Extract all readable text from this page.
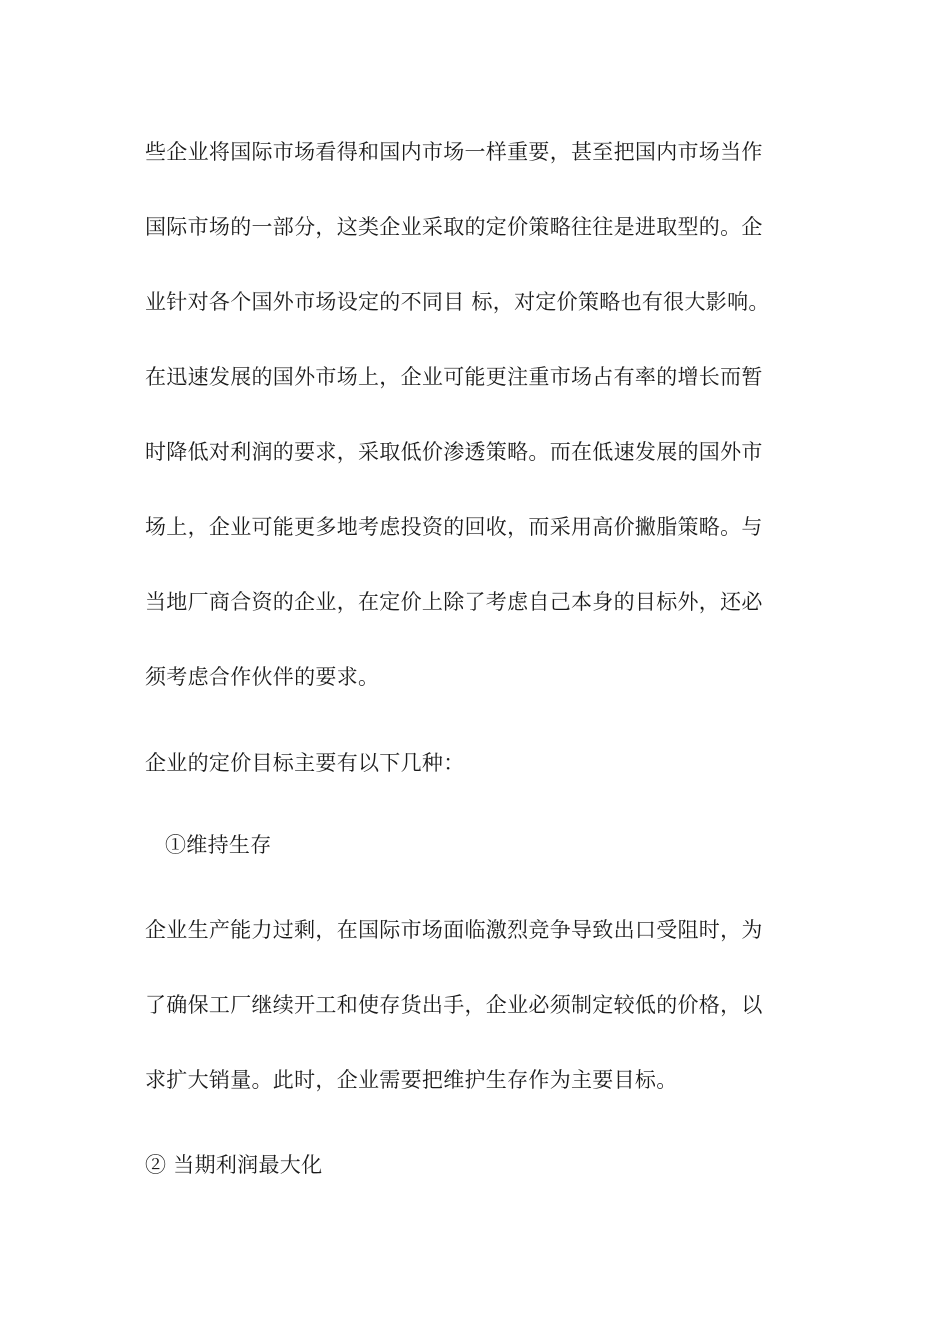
些企业将国际市场看得和国内市场一样重要，甚至把国内市场当作
国际市场的一部分，这类企业采取的定价策略往往是进取型的。企
业针对各个国外市场设定的不同目 标，对定价策略也有很大影响。
在迅速发展的国外市场上，企业可能更注重市场占有率的增长而暂
时降低对利润的要求，采取低价渗透策略。而在低速发展的国外市
场上，企业可能更多地考虑投资的回收，而采用高价撇脂策略。与
当地厂商合资的企业，在定价上除了考虑自己本身的目标外，还必
须考虑合作伙伴的要求。
企业的定价目标主要有以下几种：
①维持生存
企业生产能力过剩，在国际市场面临激烈竞争导致出口受阻时，为
了确保工厂继续开工和使存货出手，企业必须制定较低的价格，以
求扩大销量。此时，企业需要把维护生存作为主要目标。
② 当期利润最大化
